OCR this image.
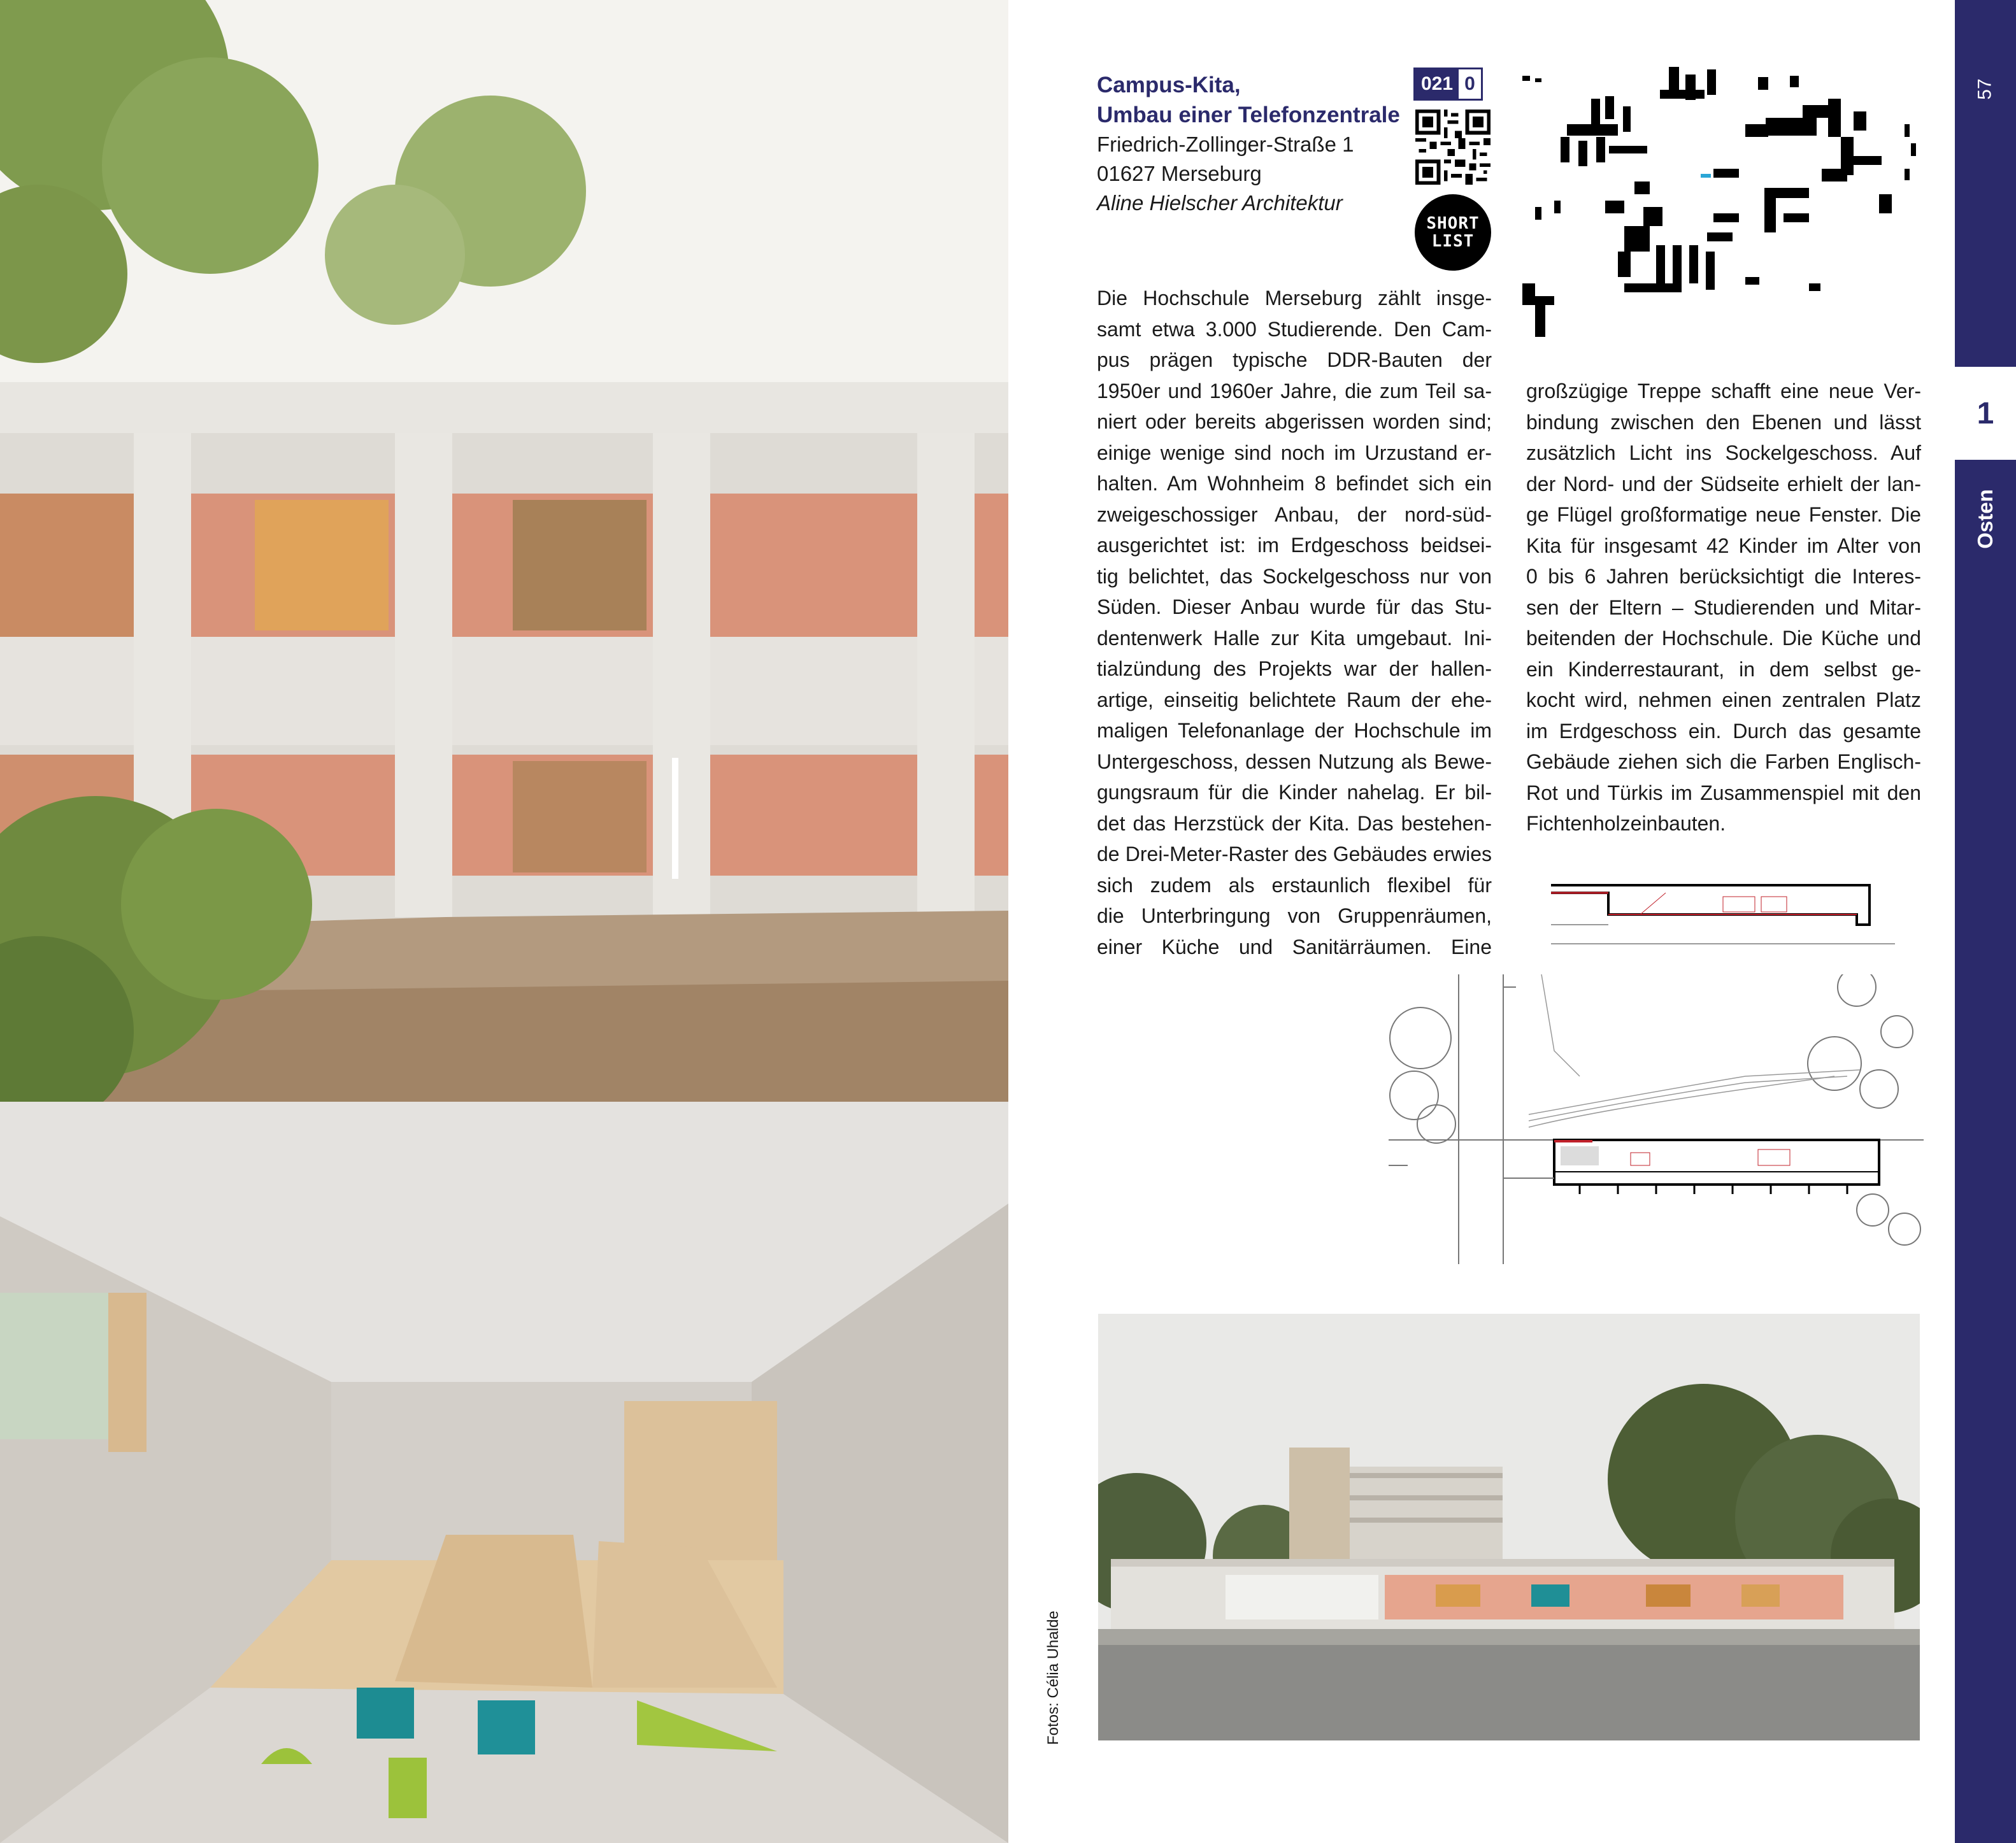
Campus-Kita,
Umbau einer Telefonzentrale
Friedrich-Zollinger-Straße 1
01627 Merseburg
Aline Hielscher Architektur
021 0
SHORT
LIST
Die Hochschule Merseburg zählt insge-
samt etwa 3.000 Studierende. Den Cam-
pus prägen typische DDR-Bauten der
1950er und 1960er Jahre, die zum Teil sa-
niert oder bereits abgerissen worden sind;
einige wenige sind noch im Urzustand er-
halten. Am Wohnheim 8 befindet sich ein
zweigeschossiger Anbau, der nord-süd-
ausgerichtet ist: im Erdgeschoss beidsei-
tig belichtet, das Sockelgeschoss nur von
Süden. Dieser Anbau wurde für das Stu-
dentenwerk Halle zur Kita umgebaut. Ini-
tialzündung des Projekts war der hallen-
artige, einseitig belichtete Raum der ehe-
maligen Telefonanlage der Hochschule im
Untergeschoss, dessen Nutzung als Bewe-
gungsraum für die Kinder nahelag. Er bil-
det das Herzstück der Kita. Das bestehen-
de Drei-Meter-Raster des Gebäudes erwies
sich zudem als erstaunlich flexibel für
die Unterbringung von Gruppenräumen,
einer Küche und Sanitärräumen. Eine
großzügige Treppe schafft eine neue Ver-
bindung zwischen den Ebenen und lässt
zusätzlich Licht ins Sockelgeschoss. Auf
der Nord- und der Südseite erhielt der lan-
ge Flügel großformatige neue Fenster. Die
Kita für insgesamt 42 Kinder im Alter von
0 bis 6 Jahren berücksichtigt die Interes-
sen der Eltern – Studierenden und Mitar-
beitenden der Hochschule. Die Küche und
ein Kinderrestaurant, in dem selbst ge-
kocht wird, nehmen einen zentralen Platz
im Erdgeschoss ein. Durch das gesamte
Gebäude ziehen sich die Farben Englisch-
Rot und Türkis im Zusammenspiel mit den
Fichtenholzeinbauten.
Fotos: Célia Uhalde
57
1
Osten
